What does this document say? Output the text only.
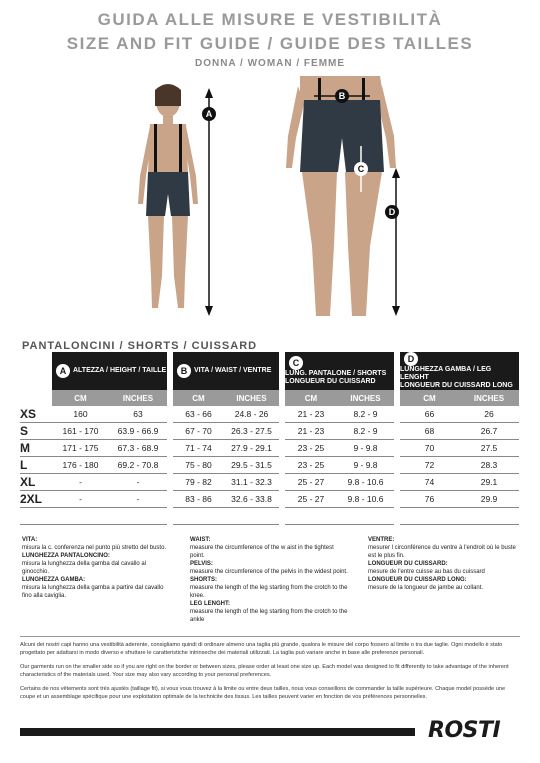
GUIDA ALLE MISURE E VESTIBILITÀ
SIZE AND FIT GUIDE / GUIDE DES TAILLES
DONNA / WOMAN / FEMME
A
B
C
D
PANTALONCINI / SHORTS / CUISSARD
	A ALTEZZA / HEIGHT / TAILLE			B VITA / WAIST / VENTRE			CLUNG. PANTALONE / SHORTS
LONGUEUR DU CUISSARD			DLUNGHEZZA GAMBA / LEG LENGHT
LONGUEUR DU CUISSARD LONG	
	CM	INCHES		CM	INCHES		CM	INCHES		CM	INCHES
XS	160	63		63 - 66	24.8 - 26		21 - 23	8.2 - 9		66	26
S	161 - 170	63.9 - 66.9		67 - 70	26.3 - 27.5		21 - 23	8.2 - 9		68	26.7
M	171 - 175	67.3 - 68.9		71 - 74	27.9 - 29.1		23 - 25	9 - 9.8		70	27.5
L	176 - 180	69.2 - 70.8		75 - 80	29.5 - 31.5		23 - 25	9 - 9.8		72	28.3
XL	-	-		79 - 82	31.1 - 32.3		25 - 27	9.8 - 10.6		74	29.1
2XL	-	-		83 - 86	32.6 - 33.8		25 - 27	9.8 - 10.6		76	29.9

VITA:
misura la c. conferenza nel punto più stretto del busto.
LUNGHEZZA PANTALONCINO:
misura la lunghezza della gamba dal cavallo al ginocchio.
LUNGHEZZA GAMBA:
misura la lunghezza della gamba a partire dal cavallo fino alla caviglia.
WAIST:
measure the circumference of the w aist in the tightest point.
PELVIS:
measure the circumference of the pelvis in the widest point.
SHORTS:
measure the length of the leg starting from the crotch to the knee.
LEG LENGHT:
measure the length of the leg starting from the crotch to the ankle
VENTRE:
mesurer l circonférence du ventre à l'endroit où le buste est le plus fin.
LONGUEUR DU CUISSARD:
mesure de l'entre cuisse au bas du cuissard
LONGUEUR DU CUISSARD LONG:
mesure de la longueur de jambe au collant.
Alcuni dei nostri capi hanno una vestibilità aderente, consigliamo quindi di ordinare almeno una taglia più grande, qualora le misure del corpo fossero al limite o tra due taglie. Ogni modello è stato progettato per adattarsi in modo diverso e sfruttare le caratteristiche intrinseche dei materiali utilizzati. La taglia può variare anche in base alle preferenze personali.
Our garments run on the smaller side so if you are right on the border or between sizes, please order at least one size up. Each model was designed to fit differently to take advantage of the inherent characteristics of the materials used. Your size may also vary according to your personal preferences.
Certains de nos vêtements sont très ajustés (taillage fit), si vous vous trouvez à la limite ou entre deux tailles, nous vous conseillons de commander la taille supérieure. Chaque model possède une coupe et un assemblage spécifique pour une exploitation optimale de la technicite des tissus. Les tailles peuvent varier en fonction de vos préférences personnelles.
ROSTI
